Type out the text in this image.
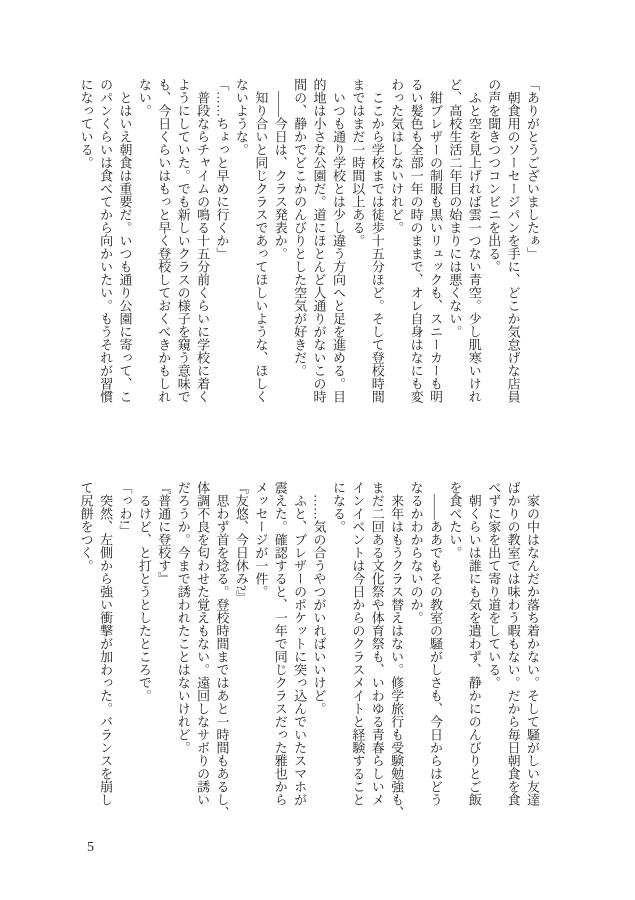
「ありがとうございましたぁ」
朝食用のソーセージパンを手に、どこか気怠げな店員
の声を聞きつつコンビニを出る。
ふと空を見上げれば雲一つない青空。少し肌寒いけれ
ど、高校生活二年目の始まりには悪くない。
紺ブレザーの制服も黒いリュックも、スニーカーも明
るい髪色も全部一年の時のままで、オレ自身はなにも変
わった気はしないけれど。
ここから学校までは徒歩十五分ほど。そして登校時間
まではまだ一時間以上ある。
いつも通り学校とは少し違う方向へと足を進める。目
的地は小さな公園だ。道にほとんど人通りがないこの時
間の、静かでどこかのんびりとした空気が好きだ。
――今日は、クラス発表か。
知り合いと同じクラスであってほしいような、ほしく
ないような。
「……ちょっと早めに行くか」
普段ならチャイムの鳴る十五分前くらいに学校に着く
ようにしていた。でも新しいクラスの様子を窺う意味で
も、今日くらいはもっと早く登校しておくべきかもしれ
ない。
とはいえ朝食は重要だ。いつも通り公園に寄って、こ
のパンくらいは食べてから向かいたい。もうそれが習慣
になっている。
家の中はなんだか落ち着かない。そして騒がしい友達
ばかりの教室では味わう暇もない。だから毎日朝食を食
べずに家を出て寄り道をしている。
朝くらいは誰にも気を遣わず、静かにのんびりとご飯
を食べたい。
――ああでもその教室の騒がしさも、今日からはどう
なるかわからないのか。
来年はもうクラス替えはない。修学旅行も受験勉強も、
まだ二回ある文化祭や体育祭も、いわゆる青春らしいメ
インイベントは今日からのクラスメイトと経験すること
になる。
……気の合うやつがいればいいけど。
ふと、ブレザーのポケットに突っ込んでいたスマホが
震えた。確認すると、一年で同じクラスだった雅也から
メッセージが一件。
『友悠、今日休み?』
思わず首を捻る。登校時間まではあと一時間もあるし、
体調不良を匂わせた覚えもない。遠回しなサボりの誘い
だろうか。今まで誘われたことはないけれど。
『普通に登校す』
るけど、と打とうとしたところで。
「っわ!」
突然、左側から強い衝撃が加わった。バランスを崩し
て尻餅をつく。
5
